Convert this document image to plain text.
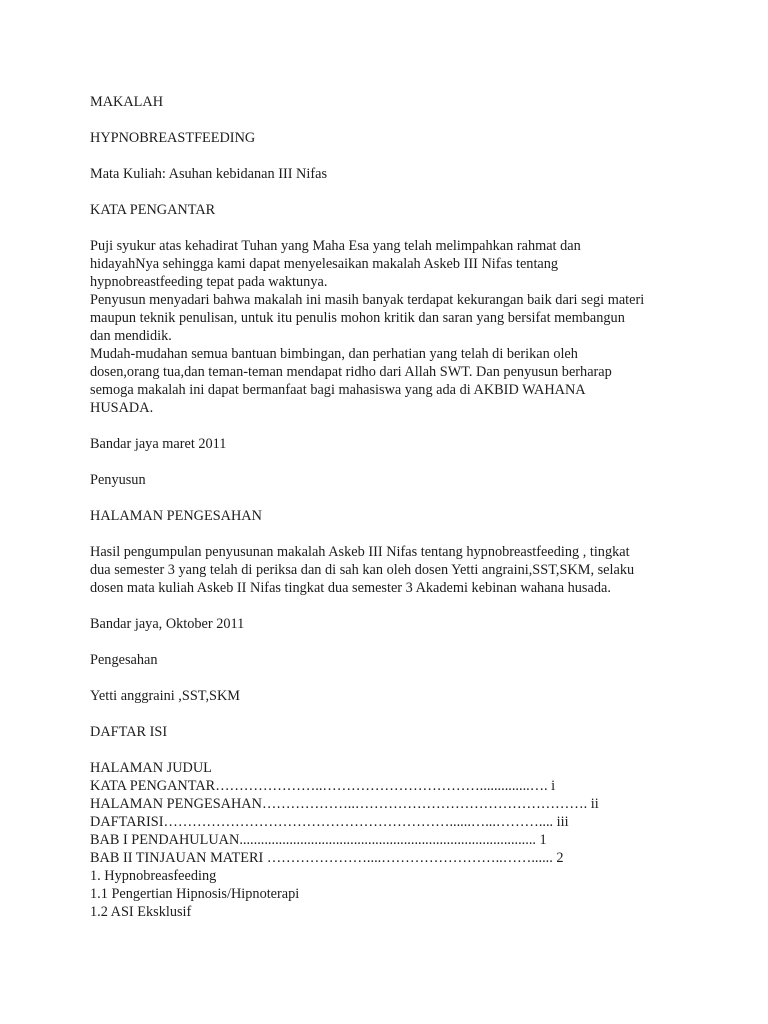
MAKALAH

HYPNOBREASTFEEDING

Mata Kuliah: Asuhan kebidanan III Nifas

KATA PENGANTAR

Puji syukur atas kehadirat Tuhan yang Maha Esa yang telah melimpahkan rahmat dan

hidayahNya sehingga kami dapat menyelesaikan makalah Askeb III Nifas tentang

hypnobreastfeeding tepat pada waktunya.

Penyusun menyadari bahwa makalah ini masih banyak terdapat kekurangan baik dari segi materi

maupun teknik penulisan, untuk itu penulis mohon kritik dan saran yang bersifat membangun

dan mendidik.

Mudah-mudahan semua bantuan bimbingan, dan perhatian yang telah di berikan oleh

dosen,orang tua,dan teman-teman mendapat ridho dari Allah SWT. Dan penyusun berharap

semoga makalah ini dapat bermanfaat bagi mahasiswa yang ada di AKBID WAHANA

HUSADA.

Bandar jaya maret 2011

Penyusun

HALAMAN PENGESAHAN

Hasil pengumpulan penyusunan makalah Askeb III Nifas tentang hypnobreastfeeding , tingkat

dua semester 3 yang telah di periksa dan di sah kan oleh dosen Yetti angraini,SST,SKM, selaku

dosen mata kuliah Askeb II Nifas tingkat dua semester 3 Akademi kebinan wahana husada.

Bandar jaya, Oktober 2011

Pengesahan

Yetti anggraini ,SST,SKM

DAFTAR ISI

HALAMAN JUDUL

KATA PENGANTAR…………………..……………………………..............…. i

HALAMAN PENGESAHAN………………..…………………………………………. ii

DAFTARISI……………………………………………………......…...……….... iii

BAB I PENDAHULUAN................................................................................... 1

BAB II TINJAUAN MATERI …………………....……………………..……...... 2

1. Hypnobreasfeeding

1.1 Pengertian Hipnosis/Hipnoterapi

1.2 ASI Eksklusif
